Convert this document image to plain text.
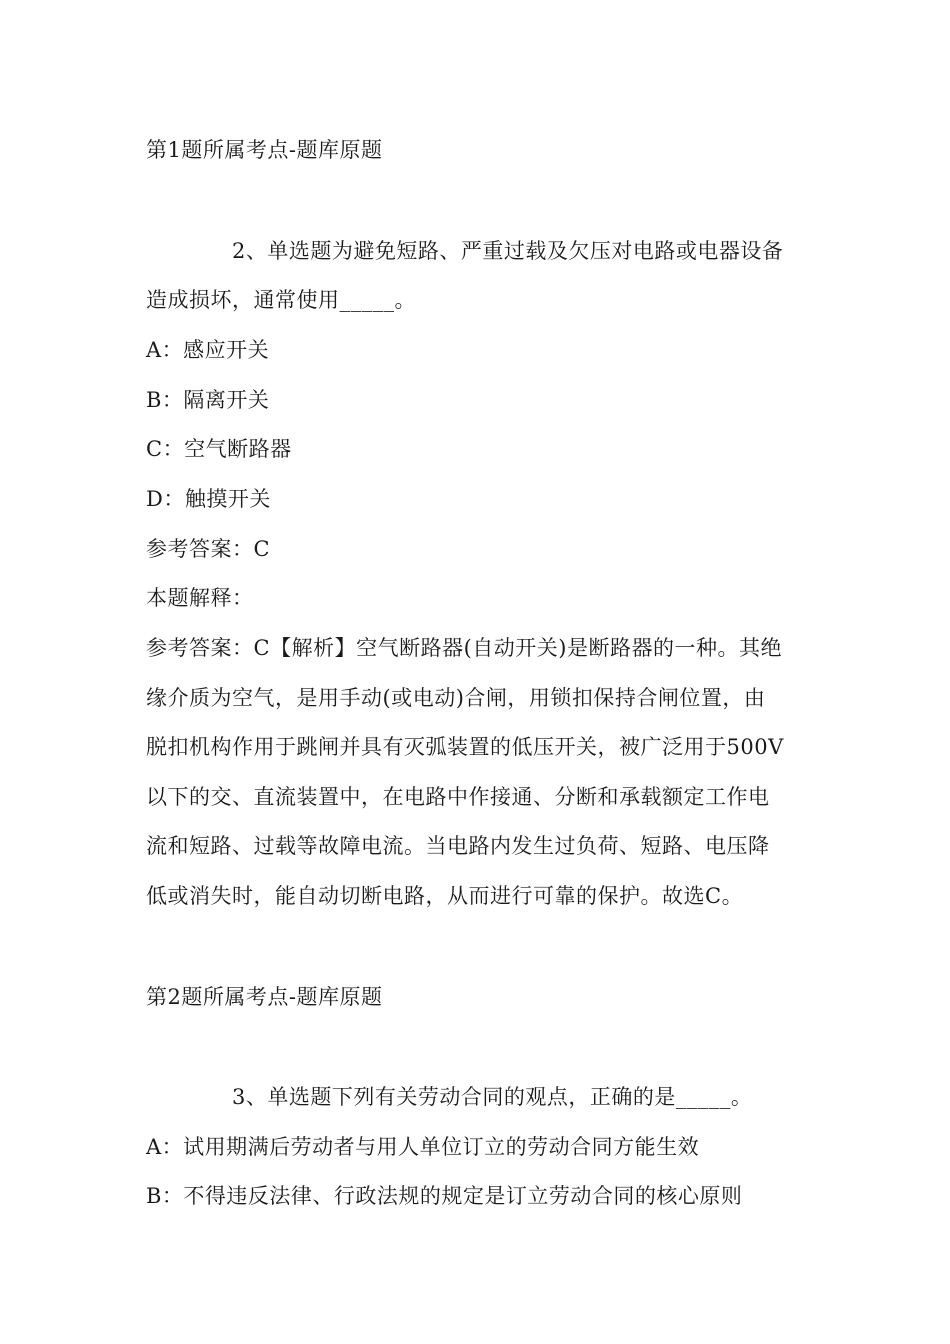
第1题所属考点-题库原题
2、单选题为避免短路、严重过载及欠压对电路或电器设备
造成损坏，通常使用_____。
A：感应开关
B：隔离开关
C：空气断路器
D：触摸开关
参考答案：C
本题解释：
参考答案：C【解析】空气断路器(自动开关)是断路器的一种。其绝
缘介质为空气，是用手动(或电动)合闸，用锁扣保持合闸位置，由
脱扣机构作用于跳闸并具有灭弧装置的低压开关，被广泛用于500V
以下的交、直流装置中，在电路中作接通、分断和承载额定工作电
流和短路、过载等故障电流。当电路内发生过负荷、短路、电压降
低或消失时，能自动切断电路，从而进行可靠的保护。故选C。
第2题所属考点-题库原题
3、单选题下列有关劳动合同的观点，正确的是_____。
A：试用期满后劳动者与用人单位订立的劳动合同方能生效
B：不得违反法律、行政法规的规定是订立劳动合同的核心原则
